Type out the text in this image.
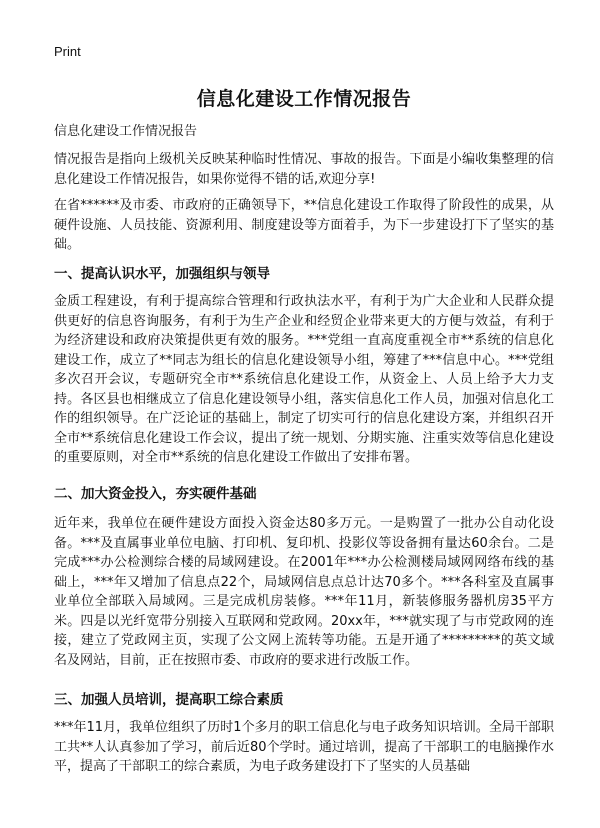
Print
信息化建设工作情况报告

信息化建设工作情况报告

情况报告是指向上级机关反映某种临时性情况、事故的报告。下面是小编收集整理的信息化建设工作情况报告，如果你觉得不错的话,欢迎分享!

在省******及市委、市政府的正确领导下，**信息化建设工作取得了阶段性的成果，从硬件设施、人员技能、资源利用、制度建设等方面着手，为下一步建设打下了坚实的基础。

一、提高认识水平，加强组织与领导

金质工程建设，有利于提高综合管理和行政执法水平，有利于为广大企业和人民群众提供更好的信息咨询服务，有利于为生产企业和经贸企业带来更大的方便与效益，有利于为经济建设和政府决策提供更有效的服务。***党组一直高度重视全市**系统的信息化建设工作，成立了**同志为组长的信息化建设领导小组，筹建了***信息中心。***党组多次召开会议，专题研究全市**系统信息化建设工作，从资金上、人员上给予大力支持。各区县也相继成立了信息化建设领导小组，落实信息化工作人员，加强对信息化工作的组织领导。在广泛论证的基础上，制定了切实可行的信息化建设方案，并组织召开全市**系统信息化建设工作会议，提出了统一规划、分期实施、注重实效等信息化建设的重要原则，对全市**系统的信息化建设工作做出了安排布署。

二、加大资金投入，夯实硬件基础

近年来，我单位在硬件建设方面投入资金达80多万元。一是购置了一批办公自动化设备。***及直属事业单位电脑、打印机、复印机、投影仪等设备拥有量达60余台。二是完成***办公检测综合楼的局域网建设。在2001年***办公检测楼局域网网络布线的基础上，***年又增加了信息点22个，局域网信息点总计达70多个。***各科室及直属事业单位全部联入局域网。三是完成机房装修。***年11月，新装修服务器机房35平方米。四是以光纤宽带分别接入互联网和党政网。20xx年，***就实现了与市党政网的连接，建立了党政网主页，实现了公文网上流转等功能。五是开通了*********的英文域名及网站，目前，正在按照市委、市政府的要求进行改版工作。

三、加强人员培训，提高职工综合素质

***年11月，我单位组织了历时1个多月的职工信息化与电子政务知识培训。全局干部职工共**人认真参加了学习，前后近80个学时。通过培训，提高了干部职工的电脑操作水平，提高了干部职工的综合素质，为电子政务建设打下了坚实的人员基础
